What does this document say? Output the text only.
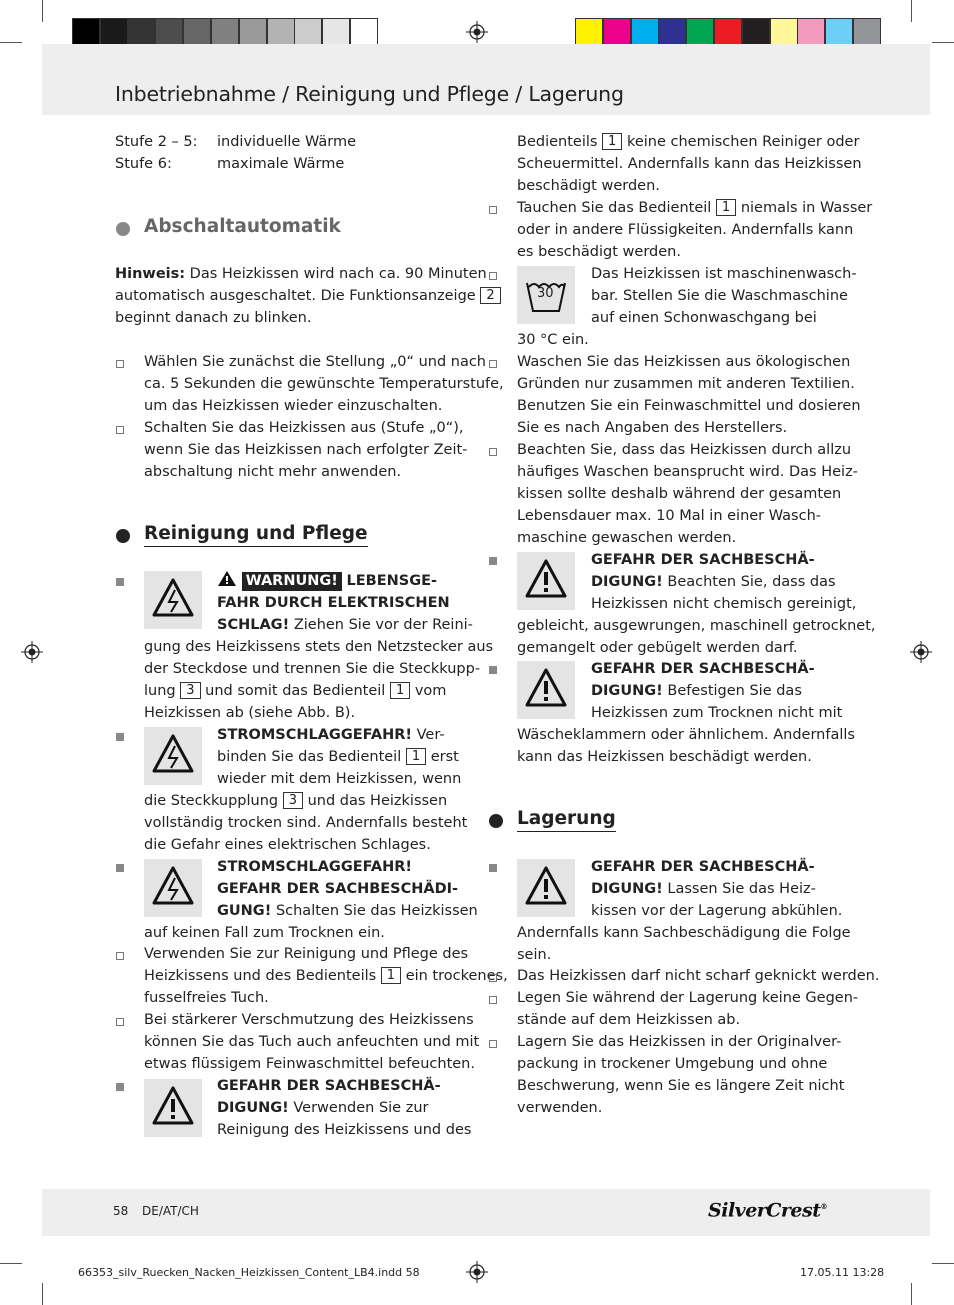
Inbetriebnahme / Reinigung und Pflege / Lagerung
Stufe 2 – 5: individuelle Wärme
Stufe 6:	maximale Wärme
Abschaltautomatik
Hinweis: Das Heizkissen wird nach ca. 90 Minuten
automatisch ausgeschaltet. Die Funktionsanzeige 2
beginnt danach zu blinken.
Wählen Sie zunächst die Stellung „0“ und nach
ca. 5 Sekunden die gewünschte Temperaturstufe,
um das Heizkissen wieder einzuschalten.
Schalten Sie das Heizkissen aus (Stufe „0“),
wenn Sie das Heizkissen nach erfolgter Zeit-
abschaltung nicht mehr anwenden.
Reinigung und Pflege
WARNUNG! LEBENSGE-
FAHR DURCH ELEKTRISCHEN
SCHLAG! Ziehen Sie vor der Reini-
gung des Heizkissens stets den Netzstecker aus
der Steckdose und trennen Sie die Steckkupp-
lung 3 und somit das Bedienteil 1 vom
Heizkissen ab (siehe Abb. B).
STROMSCHLAGGEFAHR! Ver-
binden Sie das Bedienteil 1 erst
wieder mit dem Heizkissen, wenn
die Steckkupplung 3 und das Heizkissen
vollständig trocken sind. Andernfalls besteht
die Gefahr eines elektrischen Schlages.
STROMSCHLAGGEFAHR!
GEFAHR DER SACHBESCHÄDI-
GUNG! Schalten Sie das Heizkissen
auf keinen Fall zum Trocknen ein.
Verwenden Sie zur Reinigung und Pflege des
Heizkissens und des Bedienteils 1 ein trockenes,
fusselfreies Tuch.
Bei stärkerer Verschmutzung des Heizkissens
können Sie das Tuch auch anfeuchten und mit
etwas flüssigem Feinwaschmittel befeuchten.
GEFAHR DER SACHBESCHÄ-
DIGUNG! Verwenden Sie zur
Reinigung des Heizkissens und des
Bedienteils 1 keine chemischen Reiniger oder
Scheuermittel. Andernfalls kann das Heizkissen
beschädigt werden.
Tauchen Sie das Bedienteil 1 niemals in Wasser
oder in andere Flüssigkeiten. Andernfalls kann
es beschädigt werden.
30
Das Heizkissen ist maschinenwasch-
bar. Stellen Sie die Waschmaschine
auf einen Schonwaschgang bei
30 °C ein.
Waschen Sie das Heizkissen aus ökologischen
Gründen nur zusammen mit anderen Textilien.
Benutzen Sie ein Feinwaschmittel und dosieren
Sie es nach Angaben des Herstellers.
Beachten Sie, dass das Heizkissen durch allzu
häufiges Waschen beansprucht wird. Das Heiz-
kissen sollte deshalb während der gesamten
Lebensdauer max. 10 Mal in einer Wasch-
maschine gewaschen werden.
GEFAHR DER SACHBESCHÄ-
DIGUNG! Beachten Sie, dass das
Heizkissen nicht chemisch gereinigt,
gebleicht, ausgewrungen, maschinell getrocknet,
gemangelt oder gebügelt werden darf.
GEFAHR DER SACHBESCHÄ-
DIGUNG! Befestigen Sie das
Heizkissen zum Trocknen nicht mit
Wäscheklammern oder ähnlichem. Andernfalls
kann das Heizkissen beschädigt werden.
Lagerung
GEFAHR DER SACHBESCHÄ-
DIGUNG! Lassen Sie das Heiz-
kissen vor der Lagerung abkühlen.
Andernfalls kann Sachbeschädigung die Folge
sein.
Das Heizkissen darf nicht scharf geknickt werden.
Legen Sie während der Lagerung keine Gegen-
stände auf dem Heizkissen ab.
Lagern Sie das Heizkissen in der Originalver-
packung in trockener Umgebung und ohne
Beschwerung, wenn Sie es längere Zeit nicht
verwenden.
58 DE/AT/CH	SilverCrest®
66353_silv_Ruecken_Nacken_Heizkissen_Content_LB4.indd 58	17.05.11 13:28
